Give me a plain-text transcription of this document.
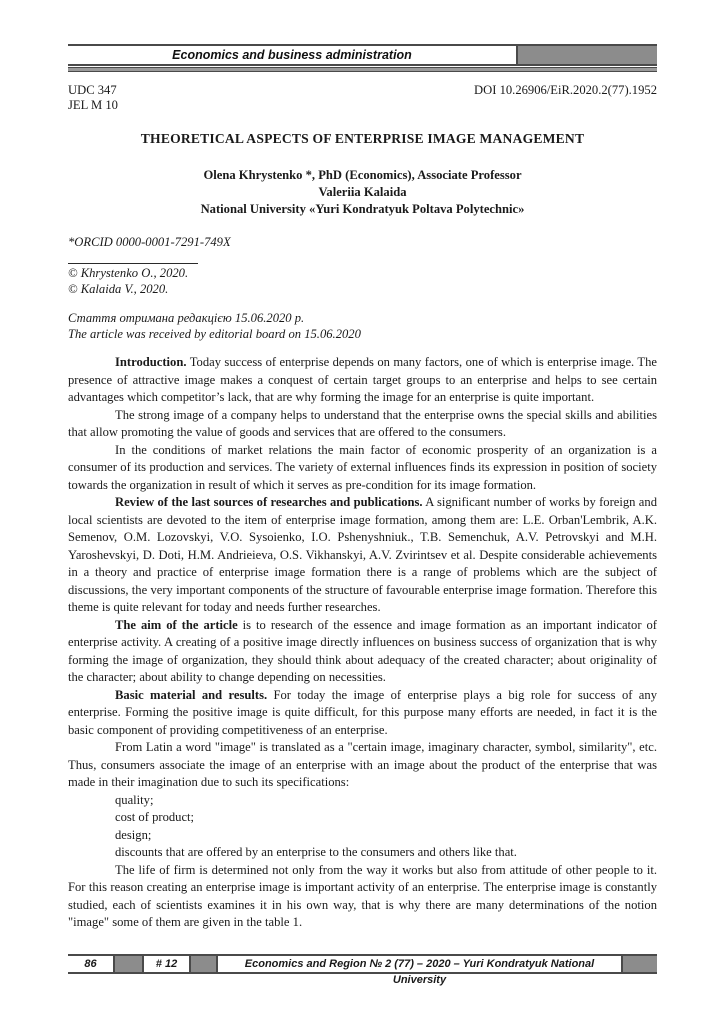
Economics and business administration
UDC 347
JEL M 10
DOI 10.26906/EiR.2020.2(77).1952
THEORETICAL ASPECTS OF ENTERPRISE IMAGE MANAGEMENT
Olena Khrystenko *, PhD (Economics), Associate Professor
Valeriia Kalaida
National University «Yuri Kondratyuk Poltava Polytechnic»
*ORCID 0000-0001-7291-749X
© Khrystenko O., 2020.
© Kalaida V., 2020.
Стаття отримана редакцією 15.06.2020 р.
The article was received by editorial board on 15.06.2020

Introduction. Today success of enterprise depends on many factors, one of which is enterprise image. The presence of attractive image makes a conquest of certain target groups to an enterprise and helps to see certain advantages which competitor’s lack, that are why forming the image for an enterprise is quite important.

The strong image of a company helps to understand that the enterprise owns the special skills and abilities that allow promoting the value of goods and services that are offered to the consumers.

In the conditions of market relations the main factor of economic prosperity of an organization is a consumer of its production and services. The variety of external influences finds its expression in position of society towards the organization in result of which it serves as pre-condition for its image formation.

Review of the last sources of researches and publications. A significant number of works by foreign and local scientists are devoted to the item of enterprise image formation, among them are: L.E. Orban'Lembrik, A.K. Semenov, O.M. Lozovskyi, V.O. Sysoienko, I.O. Pshenyshniuk., T.B. Semenchuk, A.V. Petrovskyi and M.H. Yaroshevskyi, D. Doti, H.M. Andrieieva, O.S. Vikhanskyi, A.V. Zvirintsev et al. Despite considerable achievements in a theory and practice of enterprise image formation there is a range of problems which are the subject of discussions, the very important components of the structure of favourable enterprise image formation. Therefore this theme is quite relevant for today and needs further researches.

The aim of the article is to research of the essence and image formation as an important indicator of enterprise activity. A creating of a positive image directly influences on business success of organization that is why forming the image of organization, they should think about adequacy of the created character; about originality of the character; about ability to change depending on necessities.

Basic material and results. For today the image of enterprise plays a big role for success of any enterprise. Forming the positive image is quite difficult, for this purpose many efforts are needed, in fact it is the basic component of providing competitiveness of an enterprise.

From Latin a word "image" is translated as a "certain image, imaginary character, symbol, similarity", etc. Thus, consumers associate the image of an enterprise with an image about the product of the enterprise that was made in their imagination due to such its specifications:

quality;
cost of product;
design;
discounts that are offered by an enterprise to the consumers and others like that.

The life of firm is determined not only from the way it works but also from attitude of other people to it. For this reason creating an enterprise image is important activity of an enterprise. The enterprise image is constantly studied, each of scientists examines it in his own way, that is why there are many determinations of the notion "image" some of them are given in the table 1.

86	# 12	Economics and Region № 2 (77) – 2020 – Yuri Kondratyuk National University
